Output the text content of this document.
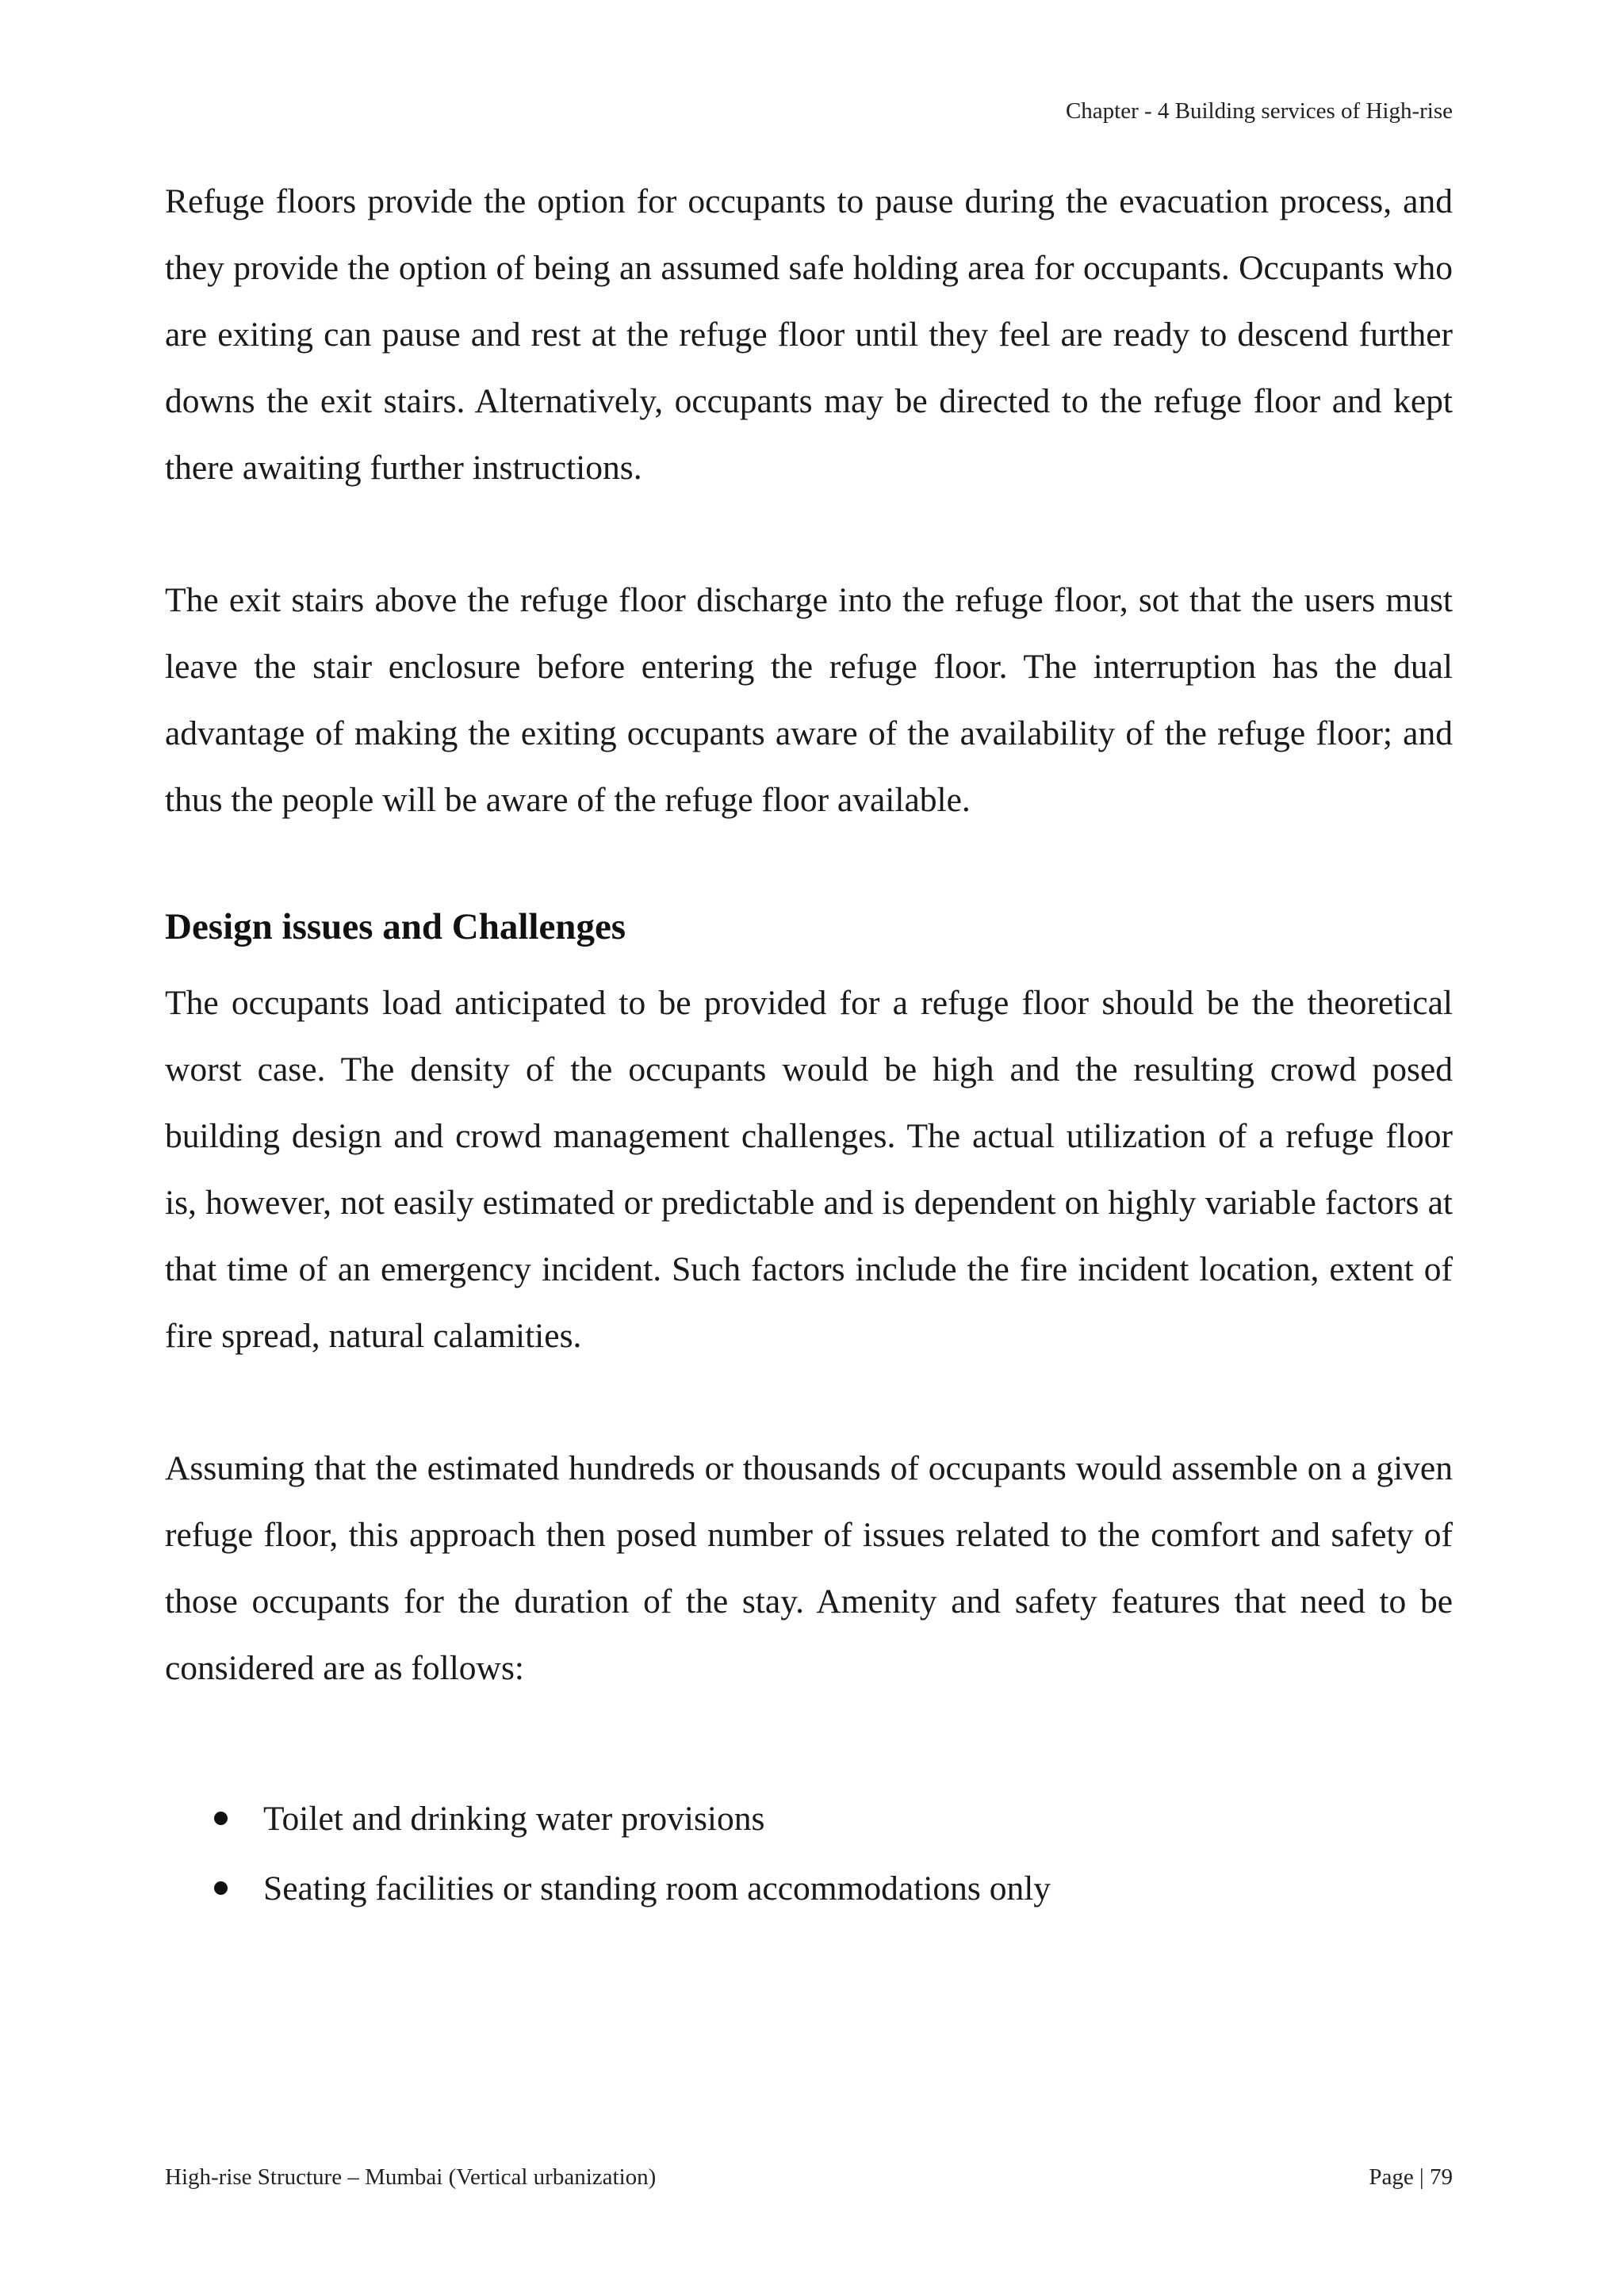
Chapter - 4 Building services of High-rise

Refuge floors provide the option for occupants to pause during the evacuation process, and they provide the option of being an assumed safe holding area for occupants. Occupants who are exiting can pause and rest at the refuge floor until they feel are ready to descend further downs the exit stairs. Alternatively, occupants may be directed to the refuge floor and kept there awaiting further instructions.

The exit stairs above the refuge floor discharge into the refuge floor, sot that the users must leave the stair enclosure before entering the refuge floor. The interruption has the dual advantage of making the exiting occupants aware of the availability of the refuge floor; and thus the people will be aware of the refuge floor available.

Design issues and Challenges

The occupants load anticipated to be provided for a refuge floor should be the theoretical worst case. The density of the occupants would be high and the resulting crowd posed building design and crowd management challenges. The actual utilization of a refuge floor is, however, not easily estimated or predictable and is dependent on highly variable factors at that time of an emergency incident. Such factors include the fire incident location, extent of fire spread, natural calamities.

Assuming that the estimated hundreds or thousands of occupants would assemble on a given refuge floor, this approach then posed number of issues related to the comfort and safety of those occupants for the duration of the stay. Amenity and safety features that need to be considered are as follows:

Toilet and drinking water provisions
Seating facilities or standing room accommodations only
High-rise Structure – Mumbai (Vertical urbanization)	Page | 79
